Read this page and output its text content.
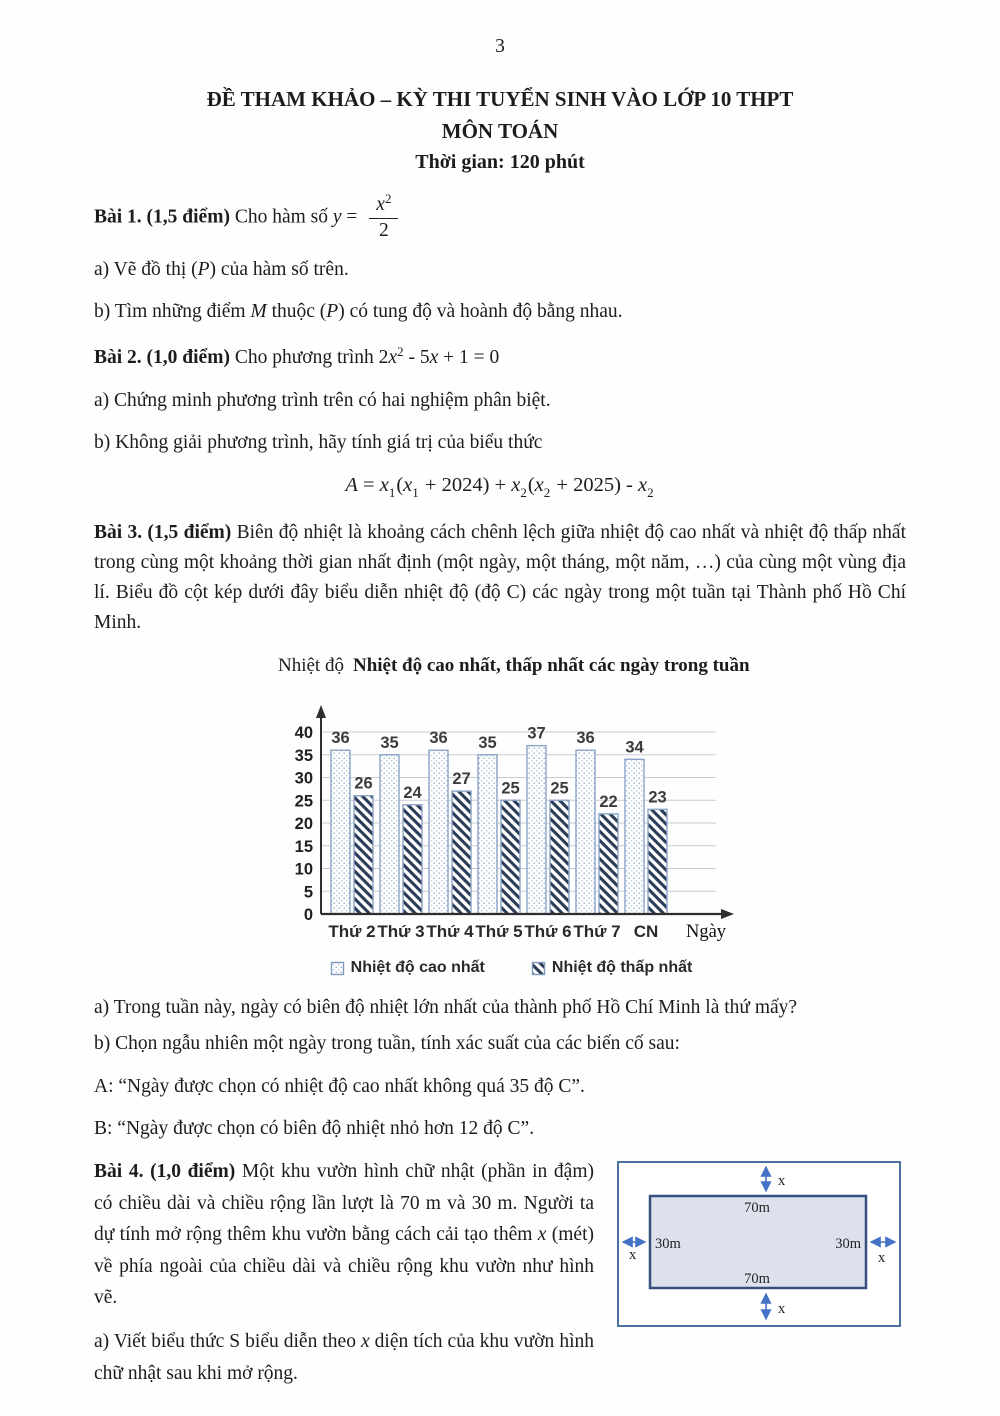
3
ĐỀ THAM KHẢO – KỲ THI TUYỂN SINH VÀO LỚP 10 THPT
MÔN TOÁN
Thời gian: 120 phút
Bài 1. (1,5 điểm) Cho hàm số $y = \frac{x^2}{2}$

a) Vẽ đồ thị (P) của hàm số trên.

b) Tìm những điểm M thuộc (P) có tung độ và hoành độ bằng nhau.

Bài 2. (1,0 điểm) Cho phương trình $2x^2 - 5x + 1 = 0$

a) Chứng minh phương trình trên có hai nghiệm phân biệt.

b) Không giải phương trình, hãy tính giá trị của biểu thức

$A = x_1(x_1 + 2024) + x_2(x_2 + 2025) - x_2$

Bài 3. (1,5 điểm) Biên độ nhiệt là khoảng cách chênh lệch giữa nhiệt độ cao nhất và nhiệt độ thấp nhất trong cùng một khoảng thời gian nhất định (một ngày, một tháng, một năm, …) của cùng một vùng địa lí. Biểu đồ cột kép dưới đây biểu diễn nhiệt độ (độ C) các ngày trong một tuần tại Thành phố Hồ Chí Minh.

Nhiệt độ Nhiệt độ cao nhất, thấp nhất các ngày trong tuần
36
26
Thứ 2
35
24
Thứ 3
36
27
Thứ 4
35
25
Thứ 5
37
25
Thứ 6
36
22
Thứ 7
34
23
CN
0
5
10
15
20
25
30
35
40
Ngày
Nhiệt độ cao nhất	Nhiệt độ thấp nhất

a) Trong tuần này, ngày có biên độ nhiệt lớn nhất của thành phố Hồ Chí Minh là thứ mấy?

b) Chọn ngẫu nhiên một ngày trong tuần, tính xác suất của các biến cố sau:

A: “Ngày được chọn có nhiệt độ cao nhất không quá 35 độ C”.

B: “Ngày được chọn có biên độ nhiệt nhỏ hơn 12 độ C”.

Bài 4. (1,0 điểm) Một khu vườn hình chữ nhật (phần in đậm) có chiều dài và chiều rộng lần lượt là 70 m và 30 m. Người ta dự tính mở rộng thêm khu vườn bằng cách cải tạo thêm x (mét) về phía ngoài của chiều dài và chiều rộng khu vườn như hình vẽ.

a) Viết biểu thức S biểu diễn theo x diện tích của khu vườn hình chữ nhật sau khi mở rộng.

x
x
x	x
70m
70m
30m	30m
